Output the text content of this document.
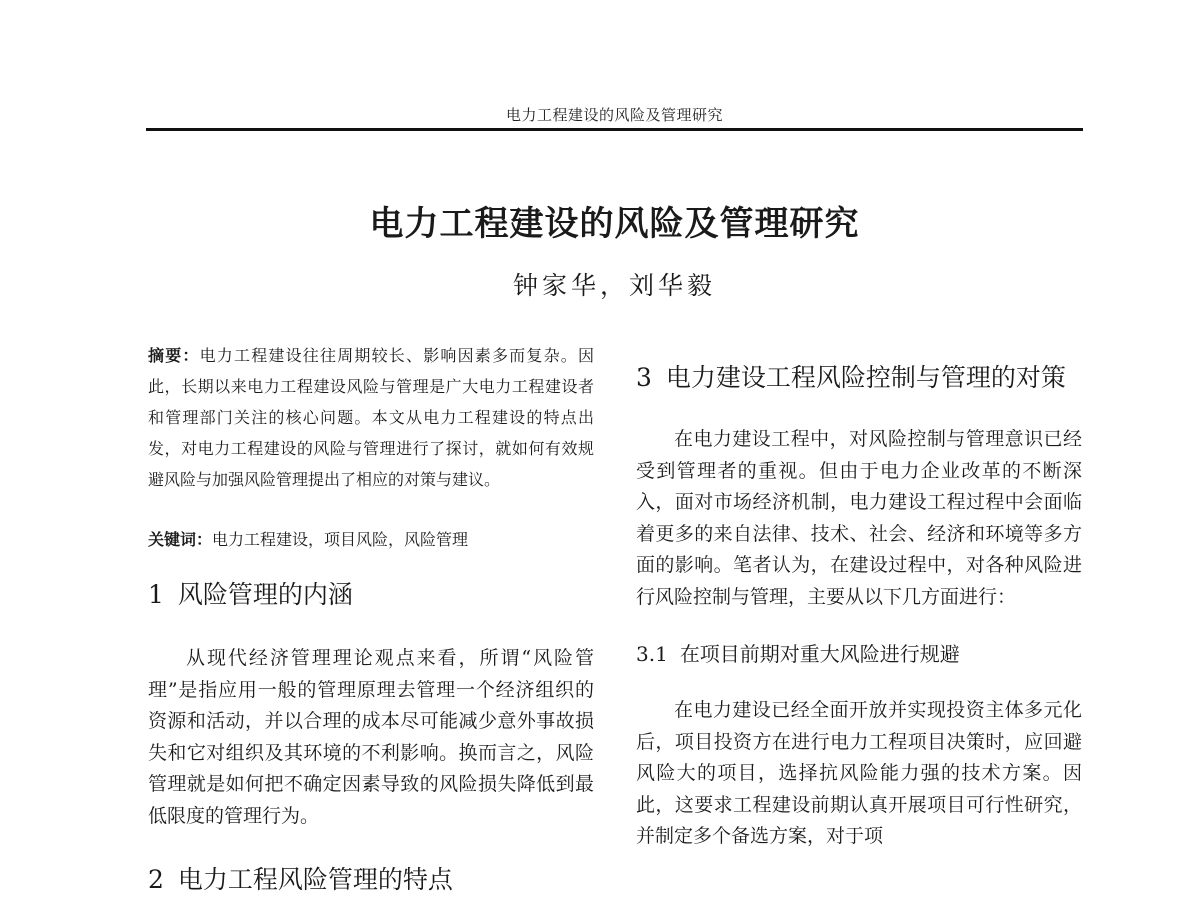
电力工程建设的风险及管理研究
电力工程建设的风险及管理研究
钟家华，刘华毅

摘要：电力工程建设往往周期较长、影响因素多而复杂。因此，长期以来电力工程建设风险与管理是广大电力工程建设者和管理部门关注的核心问题。本文从电力工程建设的特点出发，对电力工程建设的风险与管理进行了探讨，就如何有效规避风险与加强风险管理提出了相应的对策与建议。

关键词：电力工程建设，项目风险，风险管理
1 风险管理的内涵

从现代经济管理理论观点来看，所谓“风险管理”是指应用一般的管理原理去管理一个经济组织的资源和活动，并以合理的成本尽可能减少意外事故损失和它对组织及其环境的不利影响。换而言之，风险管理就是如何把不确定因素导致的风险损失降低到最低限度的管理行为。

2 电力工程风险管理的特点
3 电力建设工程风险控制与管理的对策

在电力建设工程中，对风险控制与管理意识已经受到管理者的重视。但由于电力企业改革的不断深入，面对市场经济机制，电力建设工程过程中会面临着更多的来自法律、技术、社会、经济和环境等多方面的影响。笔者认为，在建设过程中，对各种风险进行风险控制与管理，主要从以下几方面进行：

3.1 在项目前期对重大风险进行规避

在电力建设已经全面开放并实现投资主体多元化后，项目投资方在进行电力工程项目决策时，应回避风险大的项目，选择抗风险能力强的技术方案。因此，这要求工程建设前期认真开展项目可行性研究，并制定多个备选方案，对于项
